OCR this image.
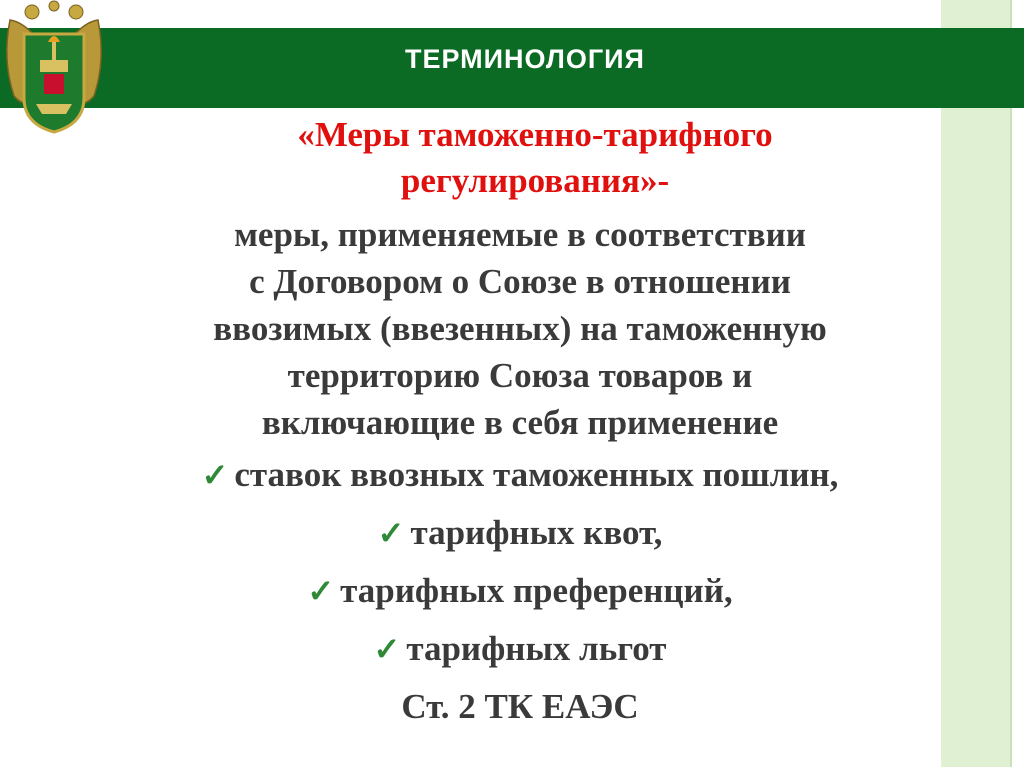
ТЕРМИНОЛОГИЯ
«Меры таможенно-тарифного
регулирования»-
меры, применяемые в соответствии
с Договором о Союзе в отношении
ввозимых (ввезенных) на таможенную
территорию Союза товаров и
включающие в себя применение
✓ ставок ввозных таможенных пошлин,
✓ тарифных квот,
✓ тарифных преференций,
✓ тарифных льгот
Ст. 2 ТК ЕАЭС
